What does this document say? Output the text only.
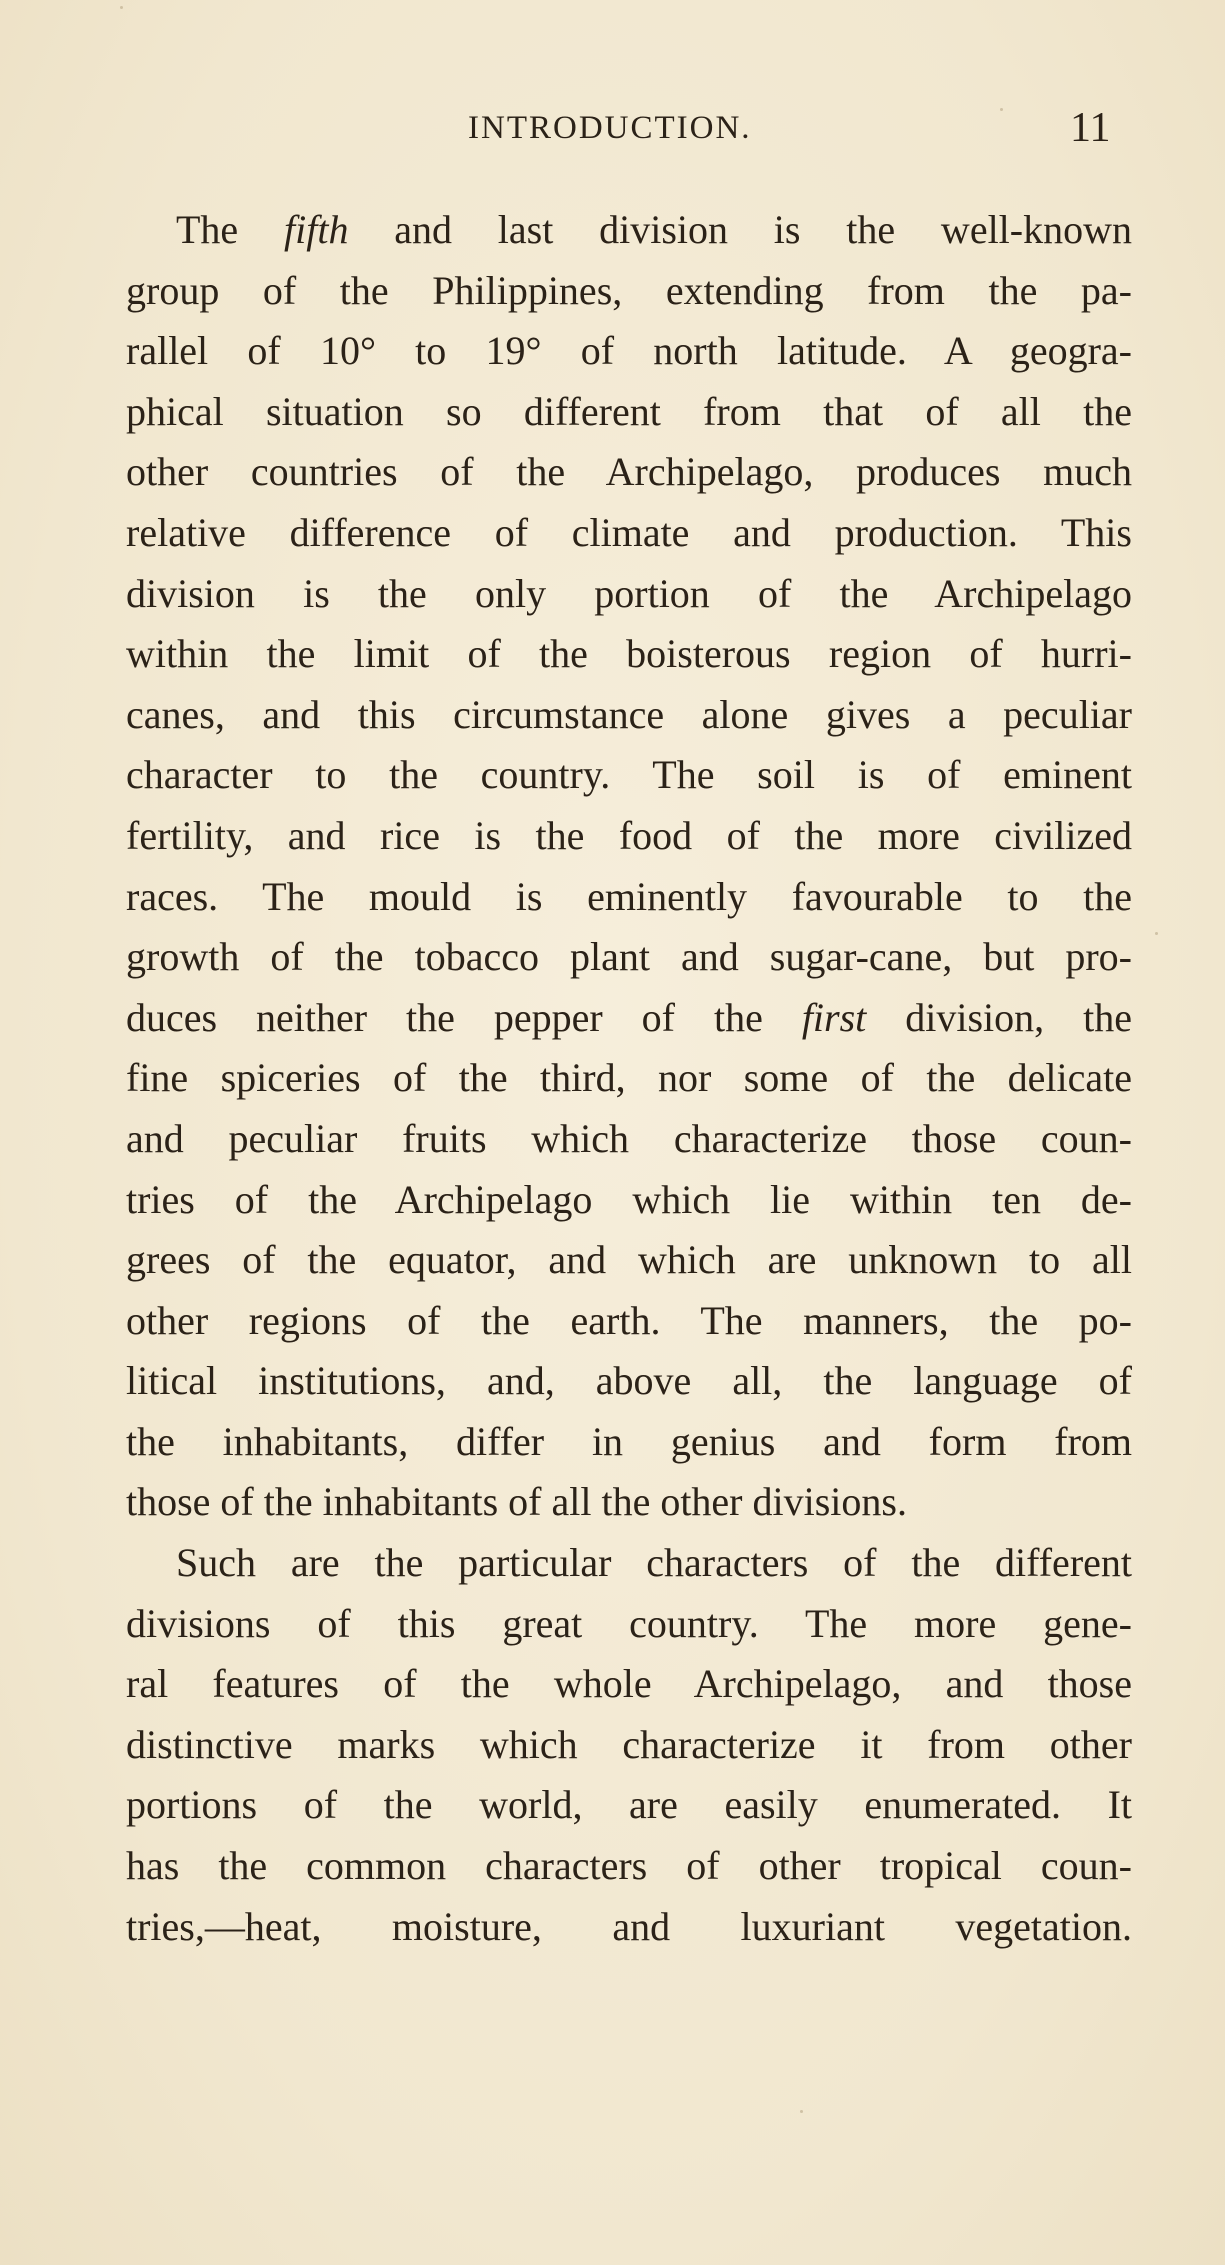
INTRODUCTION.	11
The fifth and last division is the well-known
group of the Philippines, extending from the pa-
rallel of 10° to 19° of north latitude. A geogra-
phical situation so different from that of all the
other countries of the Archipelago, produces much
relative difference of climate and production. This
division is the only portion of the Archipelago
within the limit of the boisterous region of hurri-
canes, and this circumstance alone gives a peculiar
character to the country. The soil is of eminent
fertility, and rice is the food of the more civilized
races. The mould is eminently favourable to the
growth of the tobacco plant and sugar-cane, but pro-
duces neither the pepper of the first division, the
fine spiceries of the third, nor some of the delicate
and peculiar fruits which characterize those coun-
tries of the Archipelago which lie within ten de-
grees of the equator, and which are unknown to all
other regions of the earth. The manners, the po-
litical institutions, and, above all, the language of
the inhabitants, differ in genius and form from
those of the inhabitants of all the other divisions.
Such are the particular characters of the different
divisions of this great country. The more gene-
ral features of the whole Archipelago, and those
distinctive marks which characterize it from other
portions of the world, are easily enumerated. It
has the common characters of other tropical coun-
tries,—heat, moisture, and luxuriant vegetation.
